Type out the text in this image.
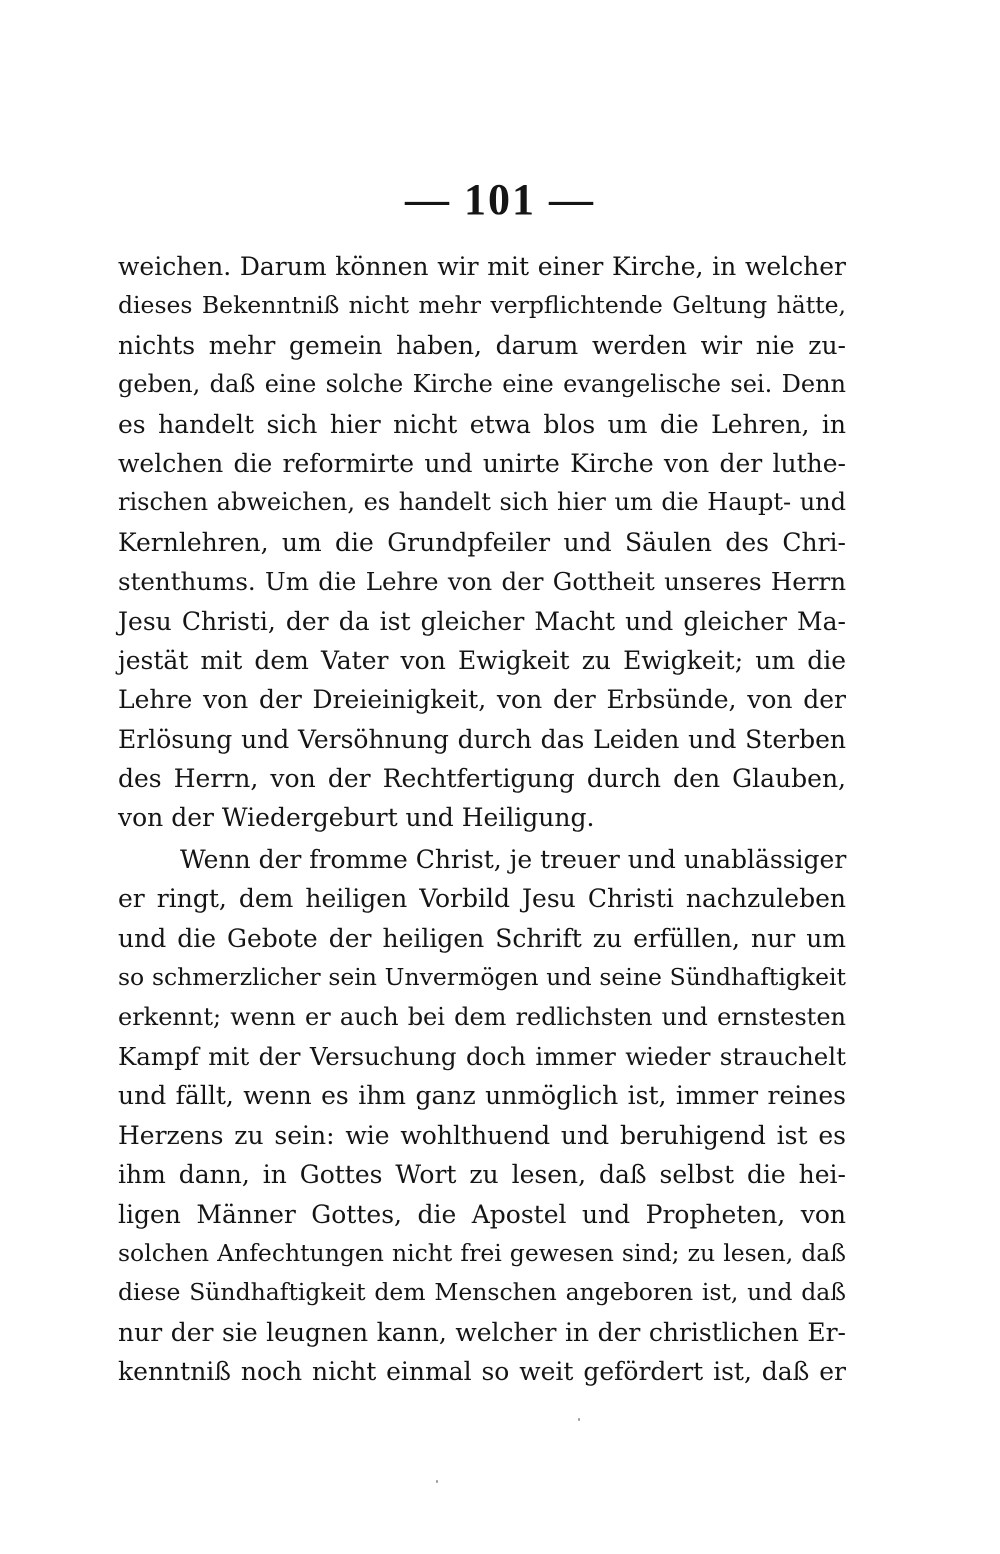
— 101 —
weichen. Darum können wir mit einer Kirche, in welcher
dieses Bekenntniß nicht mehr verpflichtende Geltung hätte,
nichts mehr gemein haben, darum werden wir nie zu-
geben, daß eine solche Kirche eine evangelische sei. Denn
es handelt sich hier nicht etwa blos um die Lehren, in
welchen die reformirte und unirte Kirche von der luthe-
rischen abweichen, es handelt sich hier um die Haupt- und
Kernlehren, um die Grundpfeiler und Säulen des Chri-
stenthums. Um die Lehre von der Gottheit unseres Herrn
Jesu Christi, der da ist gleicher Macht und gleicher Ma-
jestät mit dem Vater von Ewigkeit zu Ewigkeit; um die
Lehre von der Dreieinigkeit, von der Erbsünde, von der
Erlösung und Versöhnung durch das Leiden und Sterben
des Herrn, von der Rechtfertigung durch den Glauben,
von der Wiedergeburt und Heiligung.
Wenn der fromme Christ, je treuer und unablässiger
er ringt, dem heiligen Vorbild Jesu Christi nachzuleben
und die Gebote der heiligen Schrift zu erfüllen, nur um
so schmerzlicher sein Unvermögen und seine Sündhaftigkeit
erkennt; wenn er auch bei dem redlichsten und ernstesten
Kampf mit der Versuchung doch immer wieder strauchelt
und fällt, wenn es ihm ganz unmöglich ist, immer reines
Herzens zu sein: wie wohlthuend und beruhigend ist es
ihm dann, in Gottes Wort zu lesen, daß selbst die hei-
ligen Männer Gottes, die Apostel und Propheten, von
solchen Anfechtungen nicht frei gewesen sind; zu lesen, daß
diese Sündhaftigkeit dem Menschen angeboren ist, und daß
nur der sie leugnen kann, welcher in der christlichen Er-
kenntniß noch nicht einmal so weit gefördert ist, daß er
